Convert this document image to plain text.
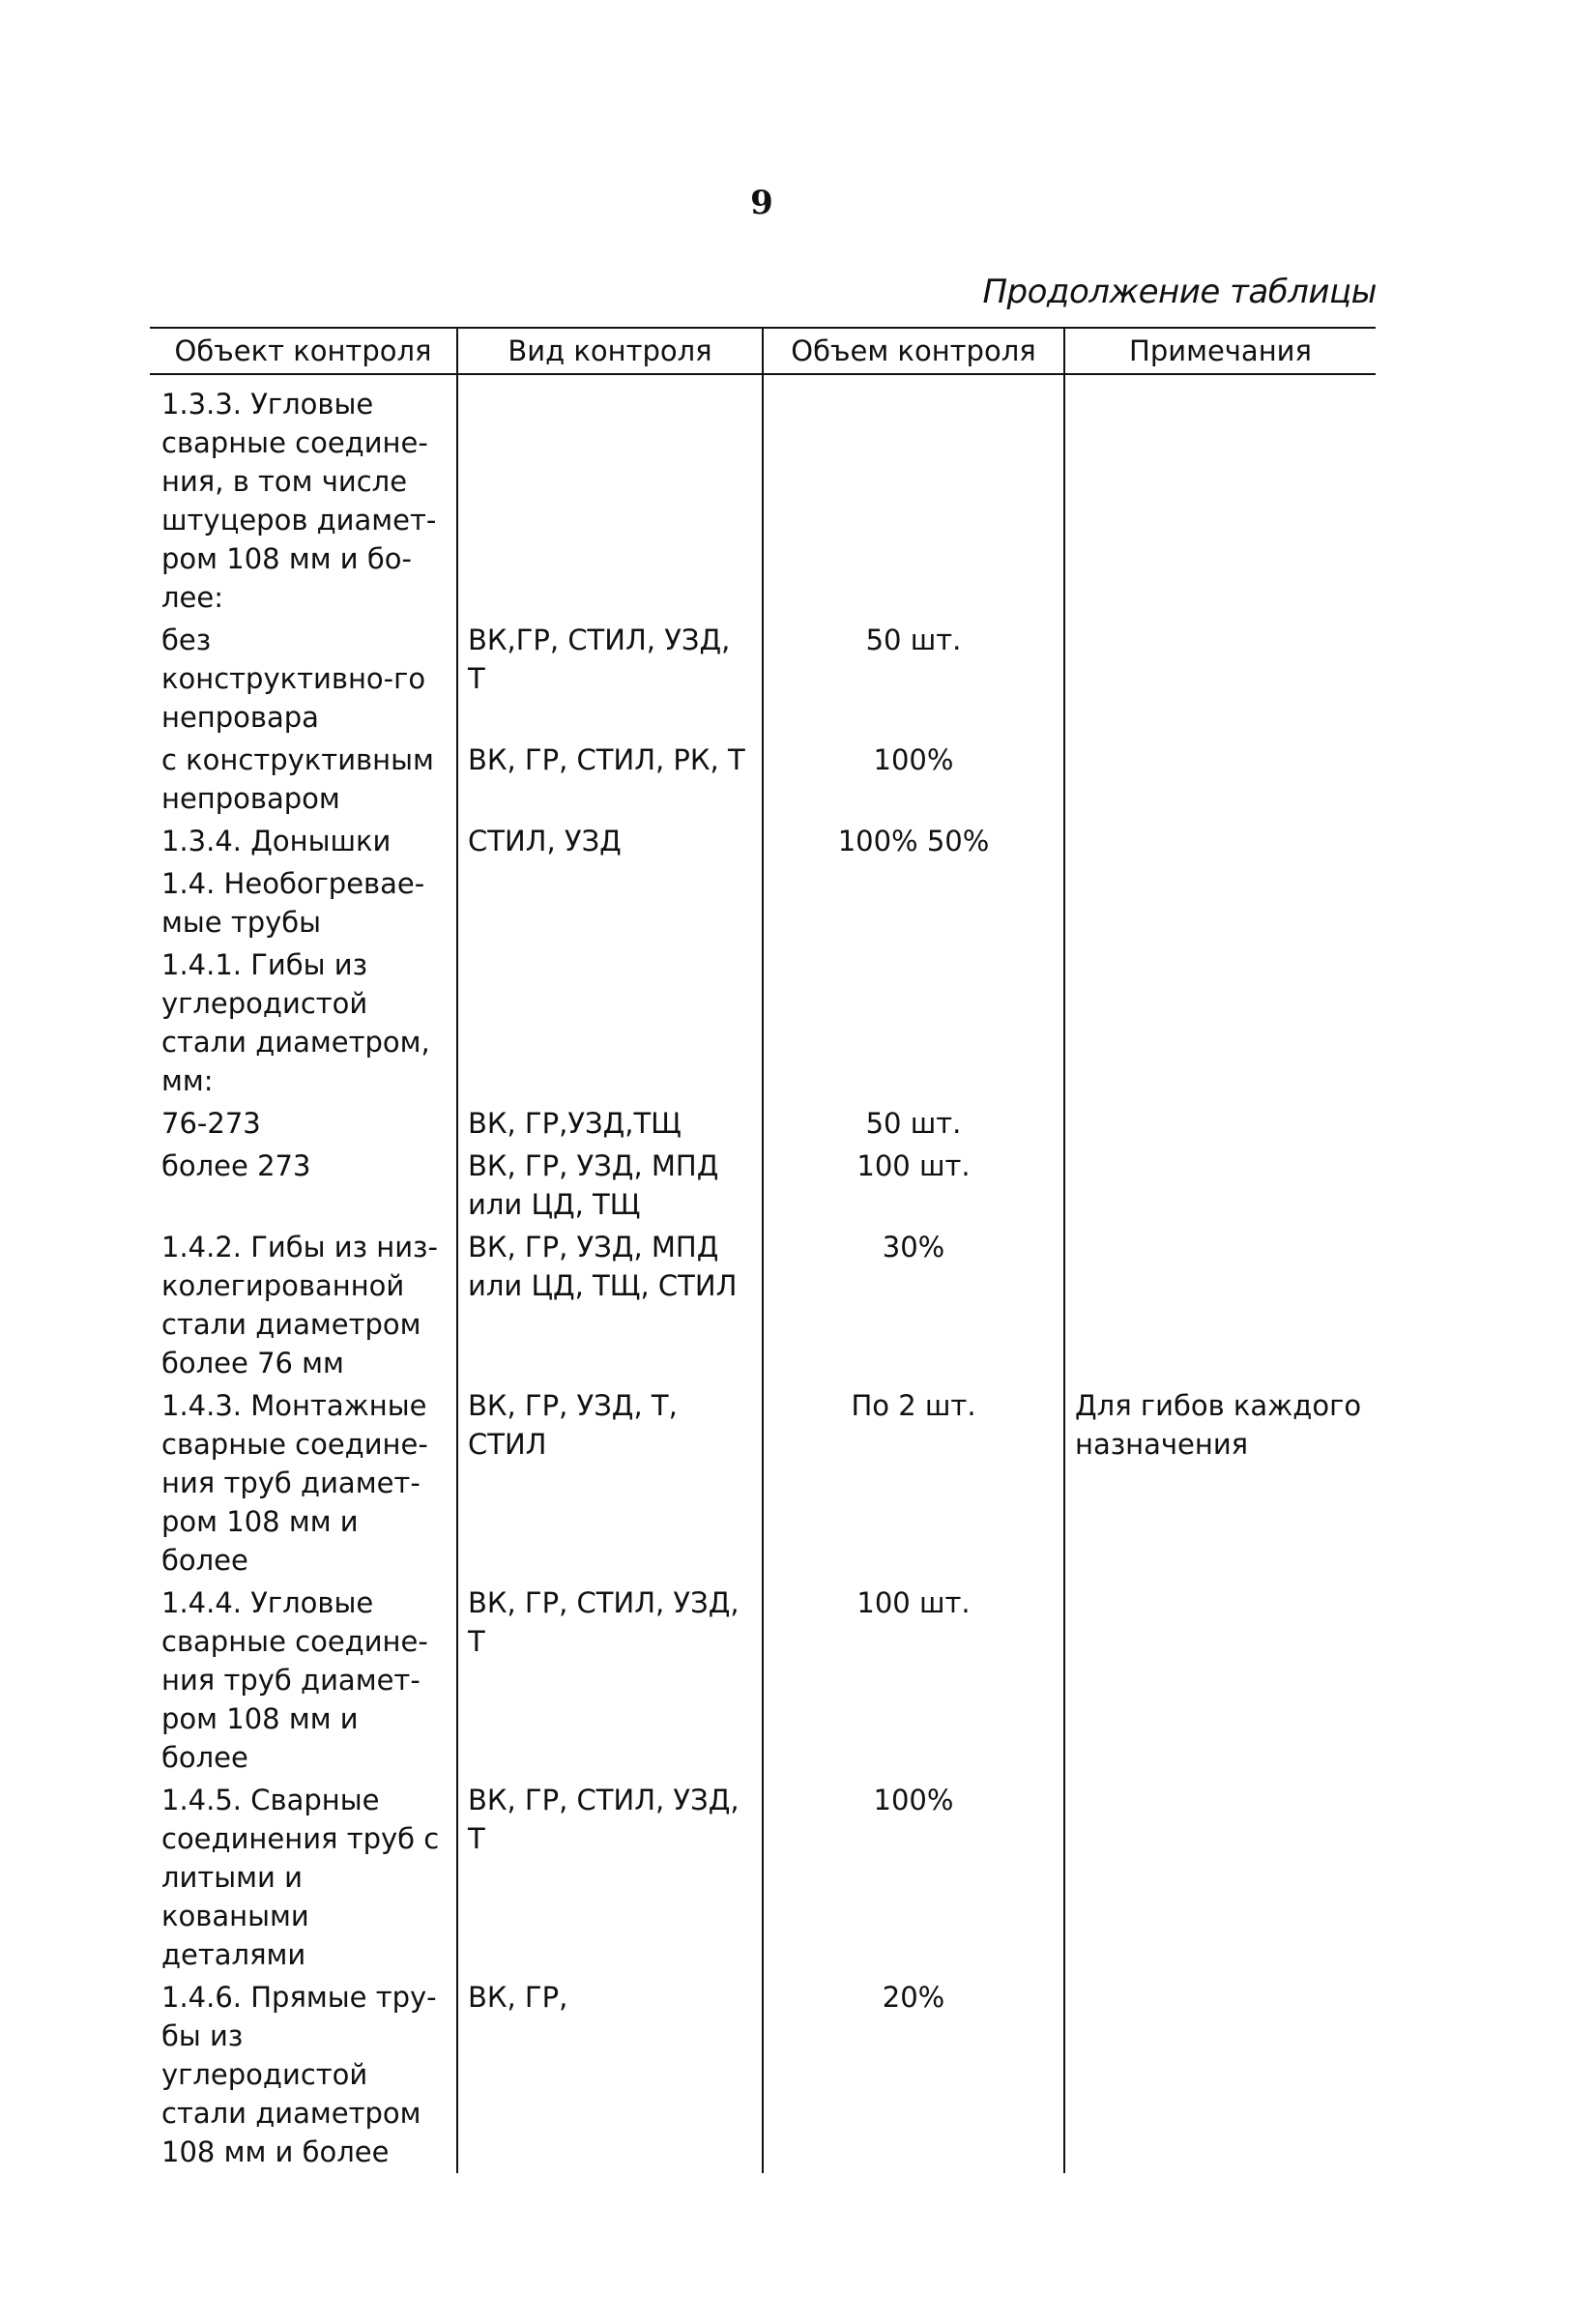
9
Продолжение таблицы
Объект контроля	Вид контроля	Объем контроля	Примечания
1.3.3. Угловые сварные соедине-ния, в том числе штуцеров диамет-ром 108 мм и бо-лее:			
без конструктивно-го непровара	ВК,ГР, СТИЛ, УЗД, Т	50 шт.	
с конструктивным непроваром	ВК, ГР, СТИЛ, РК, Т	100%	
1.3.4. Донышки	СТИЛ, УЗД	100% 50%	
1.4. Необогревае-мые трубы			
1.4.1. Гибы из углеродистой стали диаметром, мм:			
76-273	ВК, ГР,УЗД,ТЩ	50 шт.	
более 273	ВК, ГР, УЗД, МПД или ЦД, ТЩ	100 шт.	
1.4.2. Гибы из низ-колегированной стали диаметром более 76 мм	ВК, ГР, УЗД, МПД или ЦД, ТЩ, СТИЛ	30%	
1.4.3. Монтажные сварные соедине-ния труб диамет-ром 108 мм и более	ВК, ГР, УЗД, Т, СТИЛ	По 2 шт.	Для гибов каждого назначения
1.4.4. Угловые сварные соедине-ния труб диамет-ром 108 мм и более	ВК, ГР, СТИЛ, УЗД, Т	100 шт.	
1.4.5. Сварные соединения труб с литыми и коваными деталями	ВК, ГР, СТИЛ, УЗД, Т	100%	
1.4.6. Прямые тру-бы из углеродистой стали диаметром 108 мм и более	ВК, ГР,	20%	
